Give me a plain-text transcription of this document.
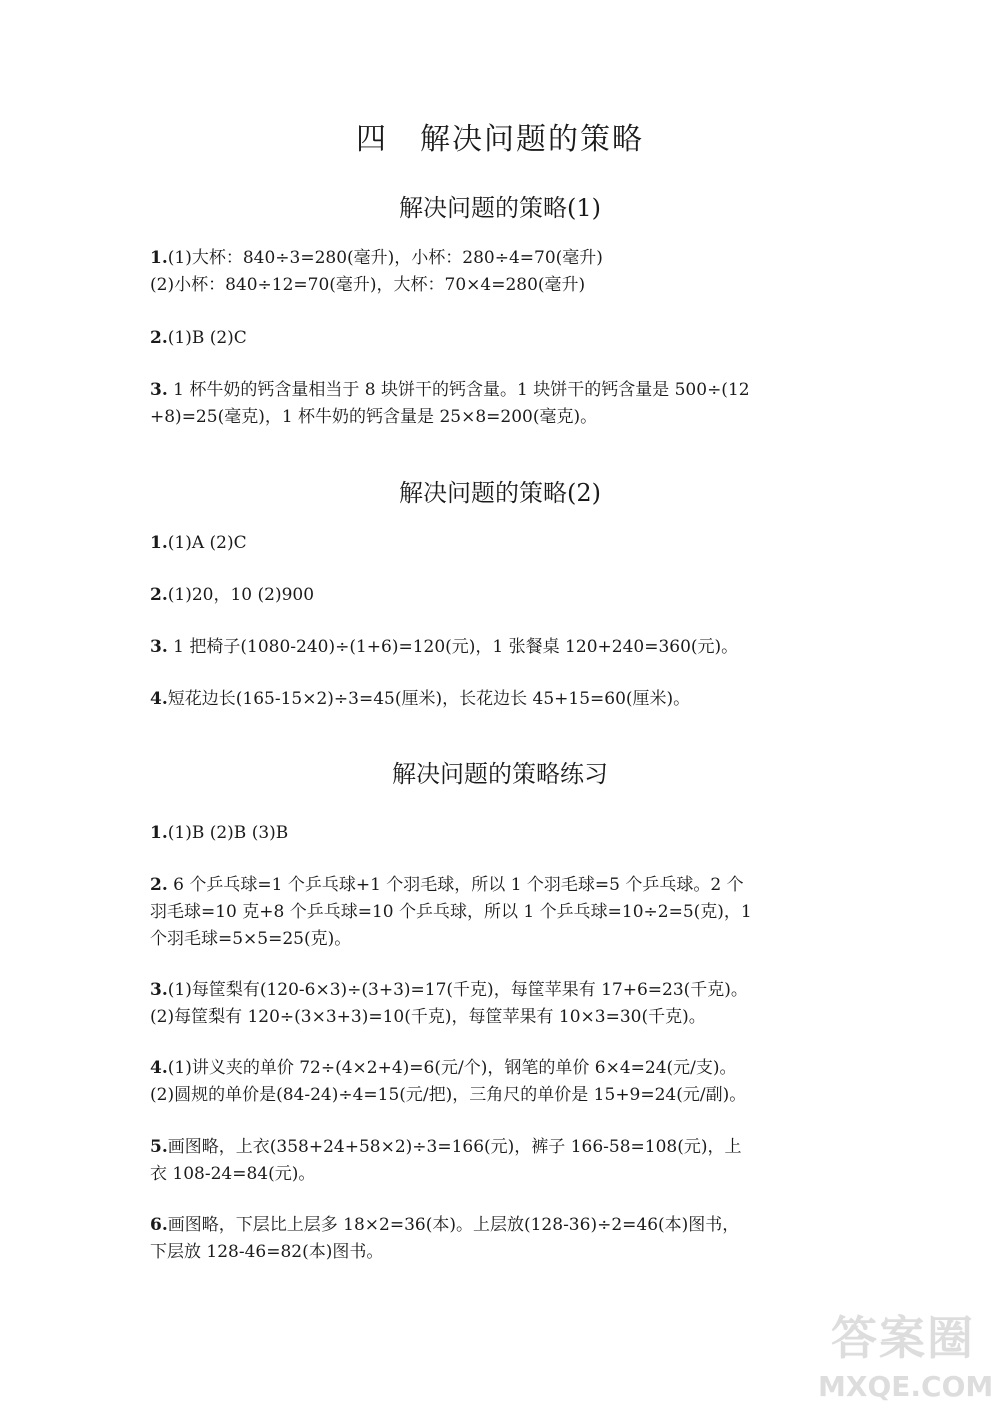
四　解决问题的策略
解决问题的策略(1)
1.(1)大杯：840÷3=280(毫升)，小杯：280÷4=70(毫升)
(2)小杯：840÷12=70(毫升)，大杯：70×4=280(毫升)
2.(1)B (2)C
3. 1 杯牛奶的钙含量相当于 8 块饼干的钙含量。1 块饼干的钙含量是 500÷(12
+8)=25(毫克)，1 杯牛奶的钙含量是 25×8=200(毫克)。
解决问题的策略(2)
1.(1)A (2)C
2.(1)20，10 (2)900
3. 1 把椅子(1080-240)÷(1+6)=120(元)，1 张餐桌 120+240=360(元)。
4.短花边长(165-15×2)÷3=45(厘米)，长花边长 45+15=60(厘米)。
解决问题的策略练习
1.(1)B (2)B (3)B
2. 6 个乒乓球=1 个乒乓球+1 个羽毛球，所以 1 个羽毛球=5 个乒乓球。2 个
羽毛球=10 克+8 个乒乓球=10 个乒乓球，所以 1 个乒乓球=10÷2=5(克)，1
个羽毛球=5×5=25(克)。
3.(1)每筐梨有(120-6×3)÷(3+3)=17(千克)，每筐苹果有 17+6=23(千克)。
(2)每筐梨有 120÷(3×3+3)=10(千克)，每筐苹果有 10×3=30(千克)。
4.(1)讲义夹的单价 72÷(4×2+4)=6(元/个)，钢笔的单价 6×4=24(元/支)。
(2)圆规的单价是(84-24)÷4=15(元/把)，三角尺的单价是 15+9=24(元/副)。
5.画图略，上衣(358+24+58×2)÷3=166(元)，裤子 166-58=108(元)，上
衣 108-24=84(元)。
6.画图略，下层比上层多 18×2=36(本)。上层放(128-36)÷2=46(本)图书，
下层放 128-46=82(本)图书。
答案圈
MXQE.COM
